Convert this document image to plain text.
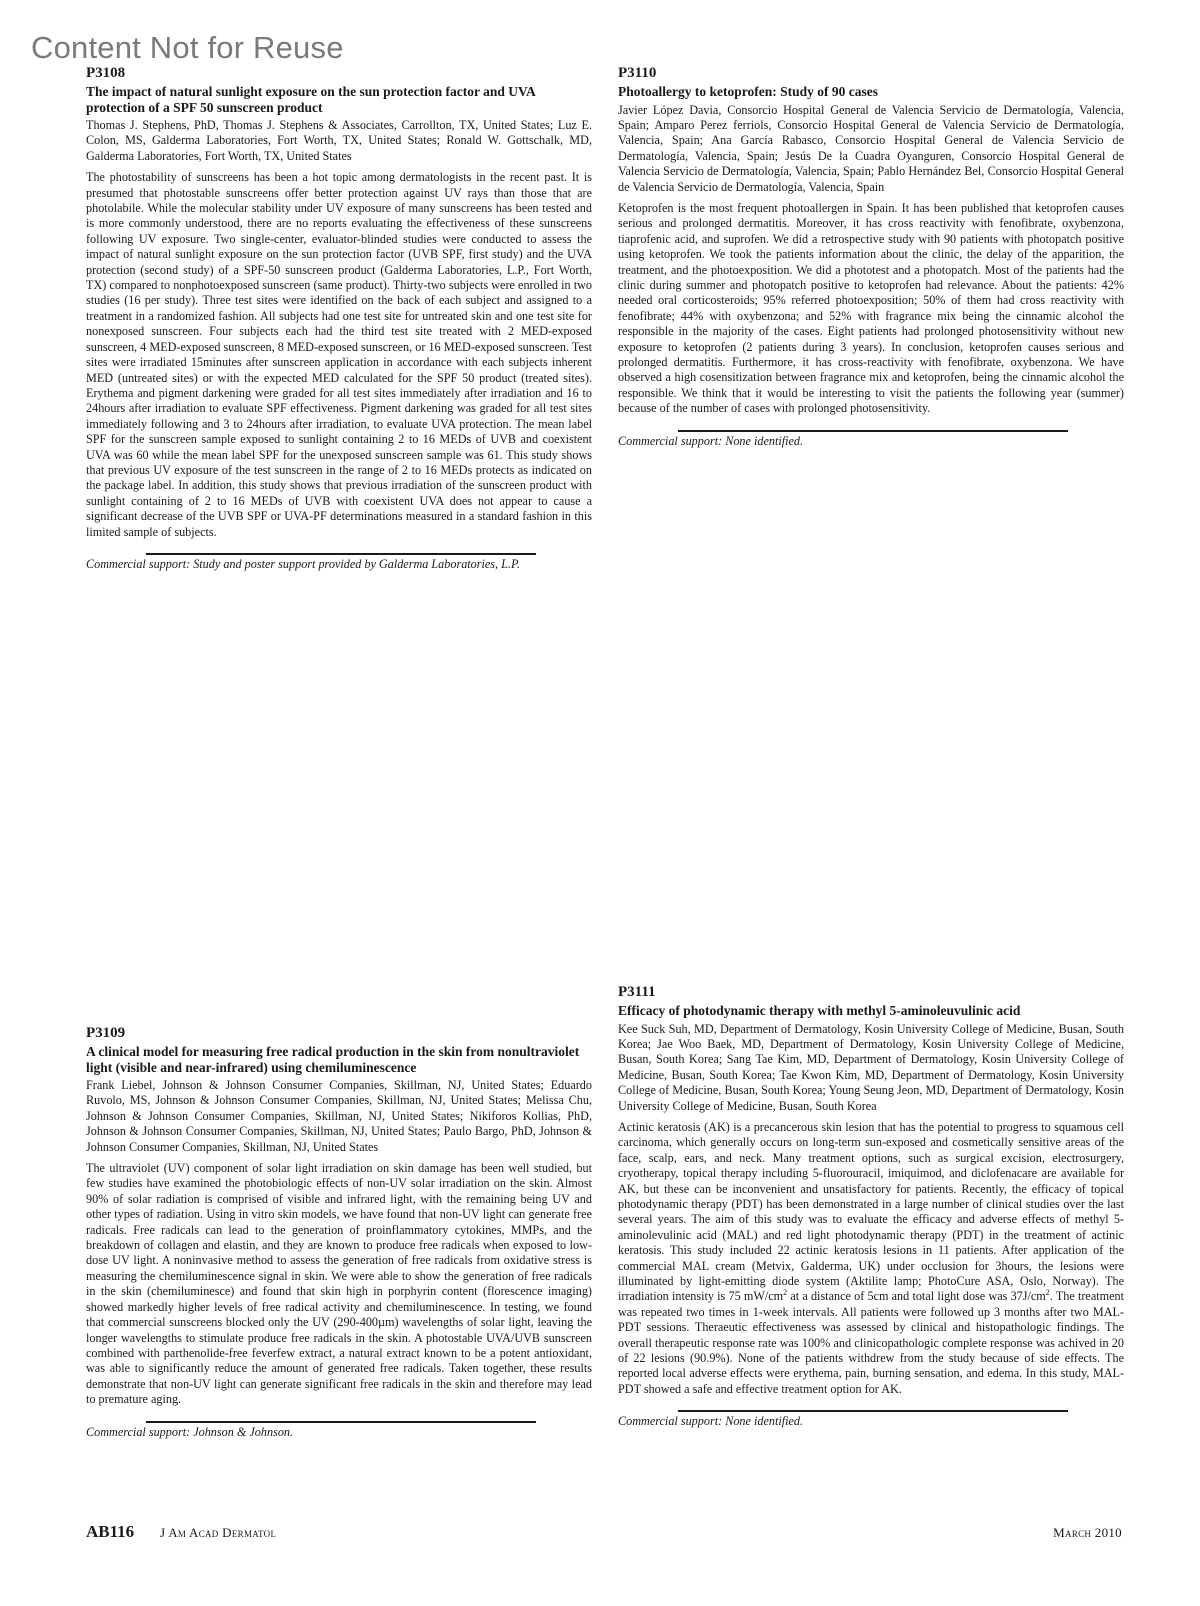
Content Not for Reuse

P3108

The impact of natural sunlight exposure on the sun protection factor and UVA protection of a SPF 50 sunscreen product

Thomas J. Stephens, PhD, Thomas J. Stephens & Associates, Carrollton, TX, United States; Luz E. Colon, MS, Galderma Laboratories, Fort Worth, TX, United States; Ronald W. Gottschalk, MD, Galderma Laboratories, Fort Worth, TX, United States

The photostability of sunscreens has been a hot topic among dermatologists in the recent past. It is presumed that photostable sunscreens offer better protection against UV rays than those that are photolabile. While the molecular stability under UV exposure of many sunscreens has been tested and is more commonly understood, there are no reports evaluating the effectiveness of these sunscreens following UV exposure. Two single-center, evaluator-blinded studies were conducted to assess the impact of natural sunlight exposure on the sun protection factor (UVB SPF, first study) and the UVA protection (second study) of a SPF-50 sunscreen product (Galderma Laboratories, L.P., Fort Worth, TX) compared to nonphotoexposed sunscreen (same product). Thirty-two subjects were enrolled in two studies (16 per study). Three test sites were identified on the back of each subject and assigned to a treatment in a randomized fashion. All subjects had one test site for untreated skin and one test site for nonexposed sunscreen. Four subjects each had the third test site treated with 2 MED-exposed sunscreen, 4 MED-exposed sunscreen, 8 MED-exposed sunscreen, or 16 MED-exposed sunscreen. Test sites were irradiated 15minutes after sunscreen application in accordance with each subjects inherent MED (untreated sites) or with the expected MED calculated for the SPF 50 product (treated sites). Erythema and pigment darkening were graded for all test sites immediately after irradiation and 16 to 24hours after irradiation to evaluate SPF effectiveness. Pigment darkening was graded for all test sites immediately following and 3 to 24hours after irradiation, to evaluate UVA protection. The mean label SPF for the sunscreen sample exposed to sunlight containing 2 to 16 MEDs of UVB and coexistent UVA was 60 while the mean label SPF for the unexposed sunscreen sample was 61. This study shows that previous UV exposure of the test sunscreen in the range of 2 to 16 MEDs protects as indicated on the package label. In addition, this study shows that previous irradiation of the sunscreen product with sunlight containing of 2 to 16 MEDs of UVB with coexistent UVA does not appear to cause a significant decrease of the UVB SPF or UVA-PF determinations measured in a standard fashion in this limited sample of subjects.

Commercial support: Study and poster support provided by Galderma Laboratories, L.P.

P3110

Photoallergy to ketoprofen: Study of 90 cases

Javier López Davia, Consorcio Hospital General de Valencia Servicio de Dermatología, Valencia, Spain; Amparo Perez ferriols, Consorcio Hospital General de Valencia Servicio de Dermatología, Valencia, Spain; Ana García Rabasco, Consorcio Hospital General de Valencia Servicio de Dermatología, Valencia, Spain; Jesús De la Cuadra Oyanguren, Consorcio Hospital General de Valencia Servicio de Dermatología, Valencia, Spain; Pablo Hernández Bel, Consorcio Hospital General de Valencia Servicio de Dermatología, Valencia, Spain

Ketoprofen is the most frequent photoallergen in Spain. It has been published that ketoprofen causes serious and prolonged dermatitis. Moreover, it has cross reactivity with fenofibrate, oxybenzona, tiaprofenic acid, and suprofen. We did a retrospective study with 90 patients with photopatch positive using ketoprofen. We took the patients information about the clinic, the delay of the apparition, the treatment, and the photoexposition. We did a phototest and a photopatch. Most of the patients had the clinic during summer and photopatch positive to ketoprofen had relevance. About the patients: 42% needed oral corticosteroids; 95% referred photoexposition; 50% of them had cross reactivity with fenofibrate; 44% with oxybenzona; and 52% with fragrance mix being the cinnamic alcohol the responsible in the majority of the cases. Eight patients had prolonged photosensitivity without new exposure to ketoprofen (2 patients during 3 years). In conclusion, ketoprofen causes serious and prolonged dermatitis. Furthermore, it has cross-reactivity with fenofibrate, oxybenzona. We have observed a high cosensitization between fragrance mix and ketoprofen, being the cinnamic alcohol the responsible. We think that it would be interesting to visit the patients the following year (summer) because of the number of cases with prolonged photosensitivity.

Commercial support: None identified.

P3109

A clinical model for measuring free radical production in the skin from nonultraviolet light (visible and near-infrared) using chemiluminescence

Frank Liebel, Johnson & Johnson Consumer Companies, Skillman, NJ, United States; Eduardo Ruvolo, MS, Johnson & Johnson Consumer Companies, Skillman, NJ, United States; Melissa Chu, Johnson & Johnson Consumer Companies, Skillman, NJ, United States; Nikiforos Kollias, PhD, Johnson & Johnson Consumer Companies, Skillman, NJ, United States; Paulo Bargo, PhD, Johnson & Johnson Consumer Companies, Skillman, NJ, United States

The ultraviolet (UV) component of solar light irradiation on skin damage has been well studied, but few studies have examined the photobiologic effects of non-UV solar irradiation on the skin. Almost 90% of solar radiation is comprised of visible and infrared light, with the remaining being UV and other types of radiation. Using in vitro skin models, we have found that non-UV light can generate free radicals. Free radicals can lead to the generation of proinflammatory cytokines, MMPs, and the breakdown of collagen and elastin, and they are known to produce free radicals when exposed to low-dose UV light. A noninvasive method to assess the generation of free radicals from oxidative stress is measuring the chemiluminescence signal in skin. We were able to show the generation of free radicals in the skin (chemiluminesce) and found that skin high in porphyrin content (florescence imaging) showed markedly higher levels of free radical activity and chemiluminescence. In testing, we found that commercial sunscreens blocked only the UV (290-400µm) wavelengths of solar light, leaving the longer wavelengths to stimulate produce free radicals in the skin. A photostable UVA/UVB sunscreen combined with parthenolide-free feverfew extract, a natural extract known to be a potent antioxidant, was able to significantly reduce the amount of generated free radicals. Taken together, these results demonstrate that non-UV light can generate significant free radicals in the skin and therefore may lead to premature aging.

Commercial support: Johnson & Johnson.

P3111

Efficacy of photodynamic therapy with methyl 5-aminoleuvulinic acid

Kee Suck Suh, MD, Department of Dermatology, Kosin University College of Medicine, Busan, South Korea; Jae Woo Baek, MD, Department of Dermatology, Kosin University College of Medicine, Busan, South Korea; Sang Tae Kim, MD, Department of Dermatology, Kosin University College of Medicine, Busan, South Korea; Tae Kwon Kim, MD, Department of Dermatology, Kosin University College of Medicine, Busan, South Korea; Young Seung Jeon, MD, Department of Dermatology, Kosin University College of Medicine, Busan, South Korea

Actinic keratosis (AK) is a precancerous skin lesion that has the potential to progress to squamous cell carcinoma, which generally occurs on long-term sun-exposed and cosmetically sensitive areas of the face, scalp, ears, and neck. Many treatment options, such as surgical excision, electrosurgery, cryotherapy, topical therapy including 5-fluorouracil, imiquimod, and diclofenacare are available for AK, but these can be inconvenient and unsatisfactory for patients. Recently, the efficacy of topical photodynamic therapy (PDT) has been demonstrated in a large number of clinical studies over the last several years. The aim of this study was to evaluate the efficacy and adverse effects of methyl 5-aminolevulinic acid (MAL) and red light photodynamic therapy (PDT) in the treatment of actinic keratosis. This study included 22 actinic keratosis lesions in 11 patients. After application of the commercial MAL cream (Metvix, Galderma, UK) under occlusion for 3hours, the lesions were illuminated by light-emitting diode system (Aktilite lamp; PhotoCure ASA, Oslo, Norway). The irradiation intensity is 75 $mW/cm^2$ at a distance of 5cm and total light dose was $37J/cm^2$. The treatment was repeated two times in 1-week intervals. All patients were followed up 3 months after two MAL-PDT sessions. Theraeutic effectiveness was assessed by clinical and histopathologic findings. The overall therapeutic response rate was 100% and clinicopathologic complete response was achived in 20 of 22 lesions (90.9%). None of the patients withdrew from the study because of side effects. The reported local adverse effects were erythema, pain, burning sensation, and edema. In this study, MAL-PDT showed a safe and effective treatment option for AK.

Commercial support: None identified.

AB116 J Am Acad Dermatol	March 2010
